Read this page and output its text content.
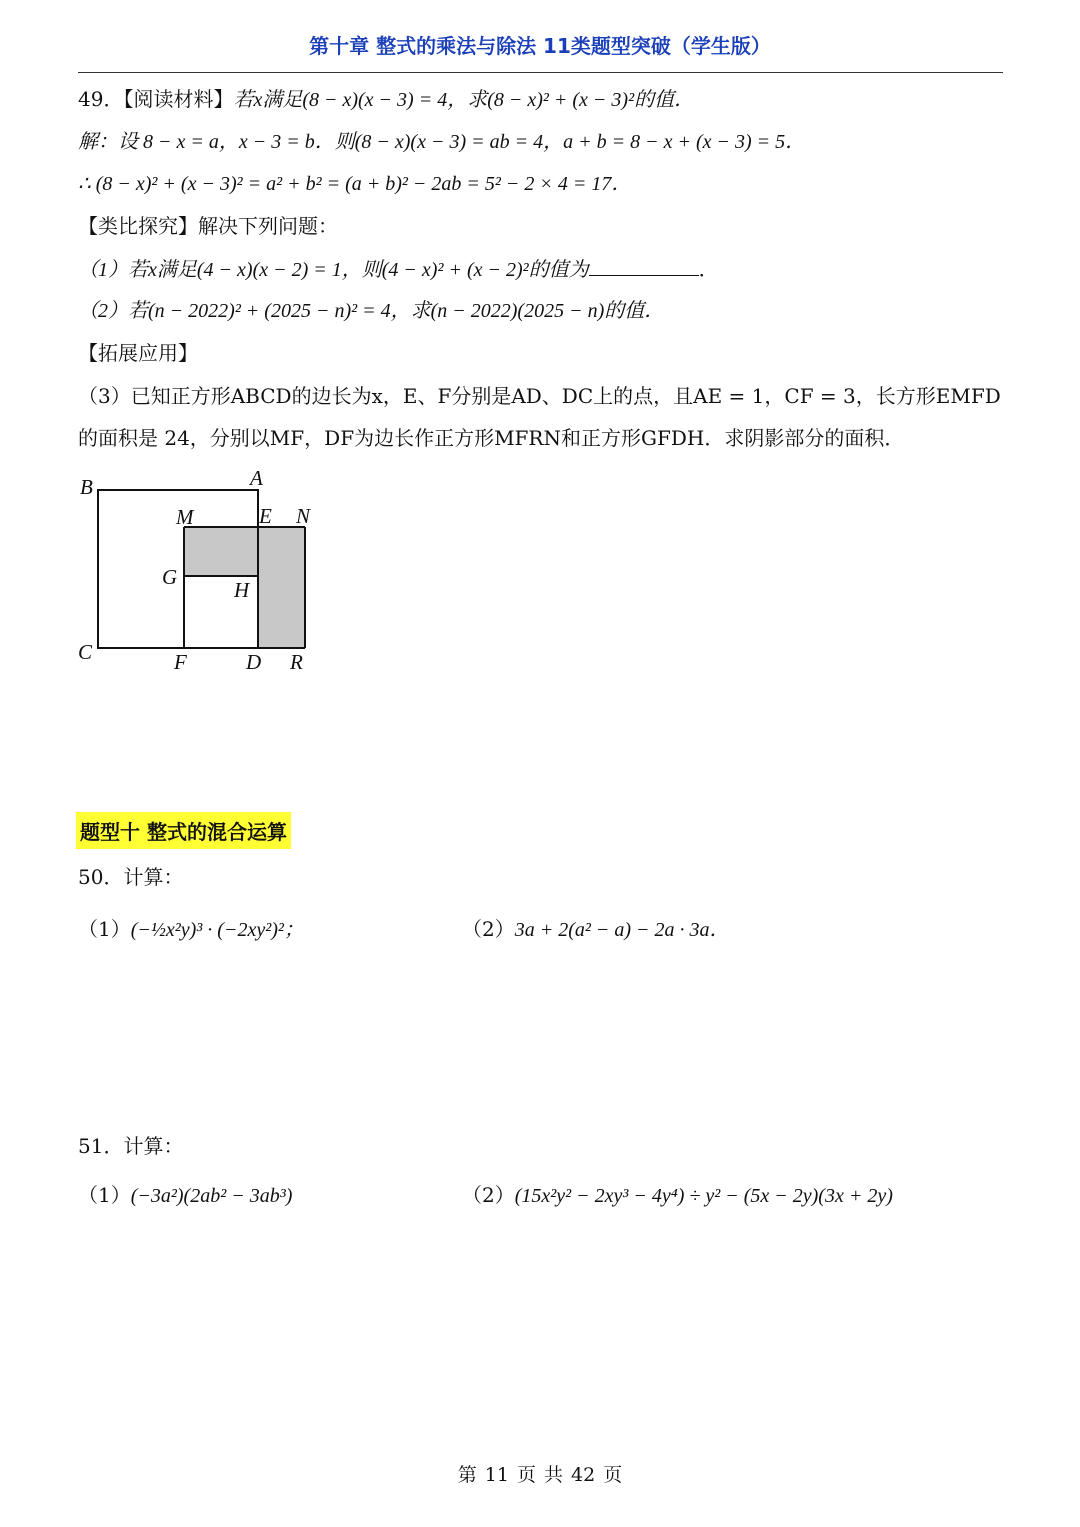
第十章 整式的乘法与除法 11类题型突破（学生版）
49．【阅读材料】若x满足(8 − x)(x − 3) = 4，求(8 − x)² + (x − 3)²的值．
解：设 8 − x = a，x − 3 = b．则(8 − x)(x − 3) = ab = 4，a + b = 8 − x + (x − 3) = 5．
∴ (8 − x)² + (x − 3)² = a² + b² = (a + b)² − 2ab = 5² − 2 × 4 = 17．
【类比探究】解决下列问题：
（1）若x满足(4 − x)(x − 2) = 1，则(4 − x)² + (x − 2)²的值为	．
（2）若(n − 2022)² + (2025 − n)² = 4，求(n − 2022)(2025 − n)的值．
【拓展应用】
（3）已知正方形ABCD的边长为x，E、F分别是AD、DC上的点，且AE = 1，CF = 3，长方形EMFD
的面积是 24，分别以MF，DF为边长作正方形MFRN和正方形GFDH．求阴影部分的面积．
B	A
M	E N
G
H
C	F	D R
题型十 整式的混合运算
50．计算：
（1）(−½x²y)³ · (−2xy²)²；	（2）3a + 2(a² − a) − 2a · 3a．
51．计算：
（1）(−3a²)(2ab² − 3ab³)	（2）(15x²y² − 2xy³ − 4y⁴) ÷ y² − (5x − 2y)(3x + 2y)
第 11 页 共 42 页
